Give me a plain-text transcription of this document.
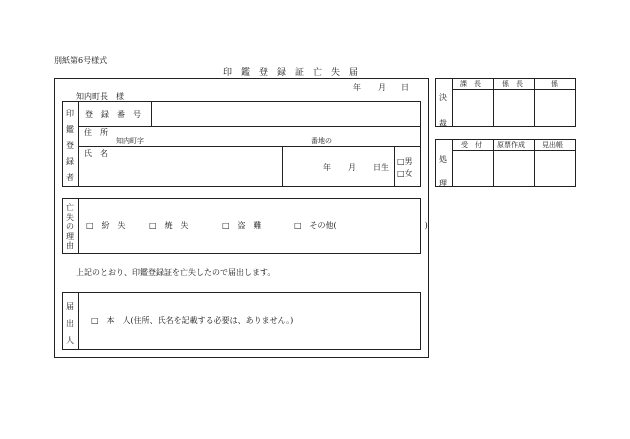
別紙第6号様式
印　鑑　登　録　証　亡　失　届
年 月 日
知内町長　様
印鑑登録者
登　録　番　号
住　所
知内町字	番地の
氏　名
年 月 日生
□男
□女
亡失の理由
□　紛　失	□　焼　失	□　盗　難	□　その他(　　　　　　　　　　　)
上記のとおり、印鑑登録証を亡失したので届出します。
届出人
□　本　人(住所、氏名を記載する必要は、ありません。)
決裁
課　長	係　長	係
処理
受　付 原票作成 見出帳
